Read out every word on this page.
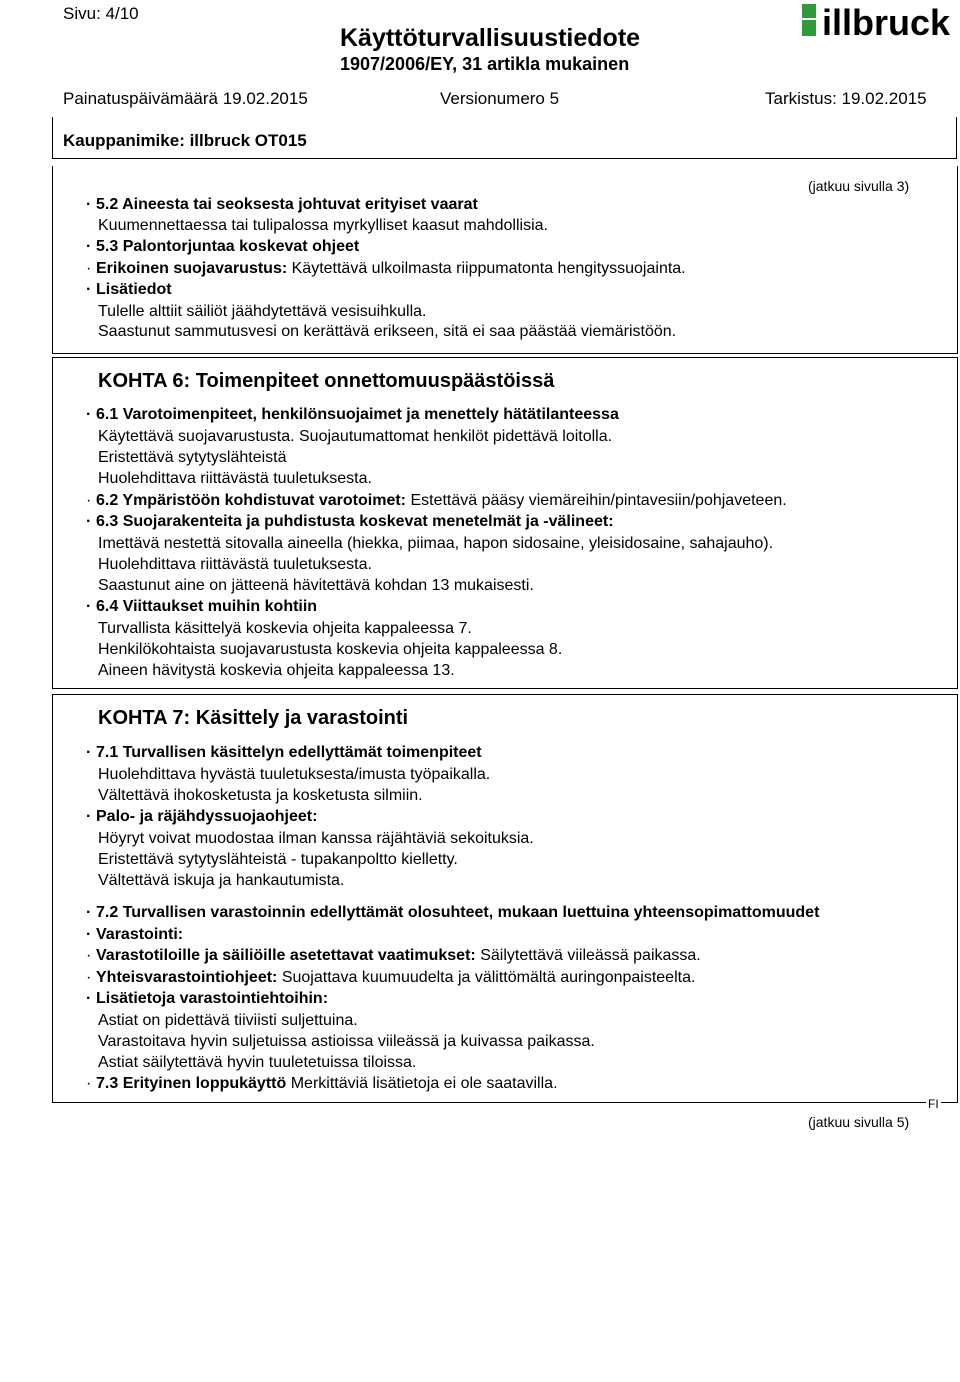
Sivu: 4/10
Käyttöturvallisuustiedote
1907/2006/EY, 31 artikla mukainen
illbruck
Painatuspäivämäärä 19.02.2015	Versionumero 5	Tarkistus: 19.02.2015
Kauppanimike: illbruck OT015
(jatkuu sivulla 3)
· 5.2 Aineesta tai seoksesta johtuvat erityiset vaarat
Kuumennettaessa tai tulipalossa myrkylliset kaasut mahdollisia.
· 5.3 Palontorjuntaa koskevat ohjeet
· Erikoinen suojavarustus: Käytettävä ulkoilmasta riippumatonta hengityssuojainta.
· Lisätiedot
Tulelle alttiit säiliöt jäähdytettävä vesisuihkulla.
Saastunut sammutusvesi on kerättävä erikseen, sitä ei saa päästää viemäristöön.
KOHTA 6: Toimenpiteet onnettomuuspäästöissä
· 6.1 Varotoimenpiteet, henkilönsuojaimet ja menettely hätätilanteessa
Käytettävä suojavarustusta. Suojautumattomat henkilöt pidettävä loitolla.
Eristettävä sytytyslähteistä
Huolehdittava riittävästä tuuletuksesta.
· 6.2 Ympäristöön kohdistuvat varotoimet: Estettävä pääsy viemäreihin/pintavesiin/pohjaveteen.
· 6.3 Suojarakenteita ja puhdistusta koskevat menetelmät ja -välineet:
Imettävä nestettä sitovalla aineella (hiekka, piimaa, hapon sidosaine, yleisidosaine, sahajauho).
Huolehdittava riittävästä tuuletuksesta.
Saastunut aine on jätteenä hävitettävä kohdan 13 mukaisesti.
· 6.4 Viittaukset muihin kohtiin
Turvallista käsittelyä koskevia ohjeita kappaleessa 7.
Henkilökohtaista suojavarustusta koskevia ohjeita kappaleessa 8.
Aineen hävitystä koskevia ohjeita kappaleessa 13.
KOHTA 7: Käsittely ja varastointi
· 7.1 Turvallisen käsittelyn edellyttämät toimenpiteet
Huolehdittava hyvästä tuuletuksesta/imusta työpaikalla.
Vältettävä ihokosketusta ja kosketusta silmiin.
· Palo- ja räjähdyssuojaohjeet:
Höyryt voivat muodostaa ilman kanssa räjähtäviä sekoituksia.
Eristettävä sytytyslähteistä - tupakanpoltto kielletty.
Vältettävä iskuja ja hankautumista.
· 7.2 Turvallisen varastoinnin edellyttämät olosuhteet, mukaan luettuina yhteensopimattomuudet
· Varastointi:
· Varastotiloille ja säiliöille asetettavat vaatimukset: Säilytettävä viileässä paikassa.
· Yhteisvarastointiohjeet: Suojattava kuumuudelta ja välittömältä auringonpaisteelta.
· Lisätietoja varastointiehtoihin:
Astiat on pidettävä tiiviisti suljettuina.
Varastoitava hyvin suljetuissa astioissa viileässä ja kuivassa paikassa.
Astiat säilytettävä hyvin tuuletetuissa tiloissa.
· 7.3 Erityinen loppukäyttö Merkittäviä lisätietoja ei ole saatavilla.
FI
(jatkuu sivulla 5)
